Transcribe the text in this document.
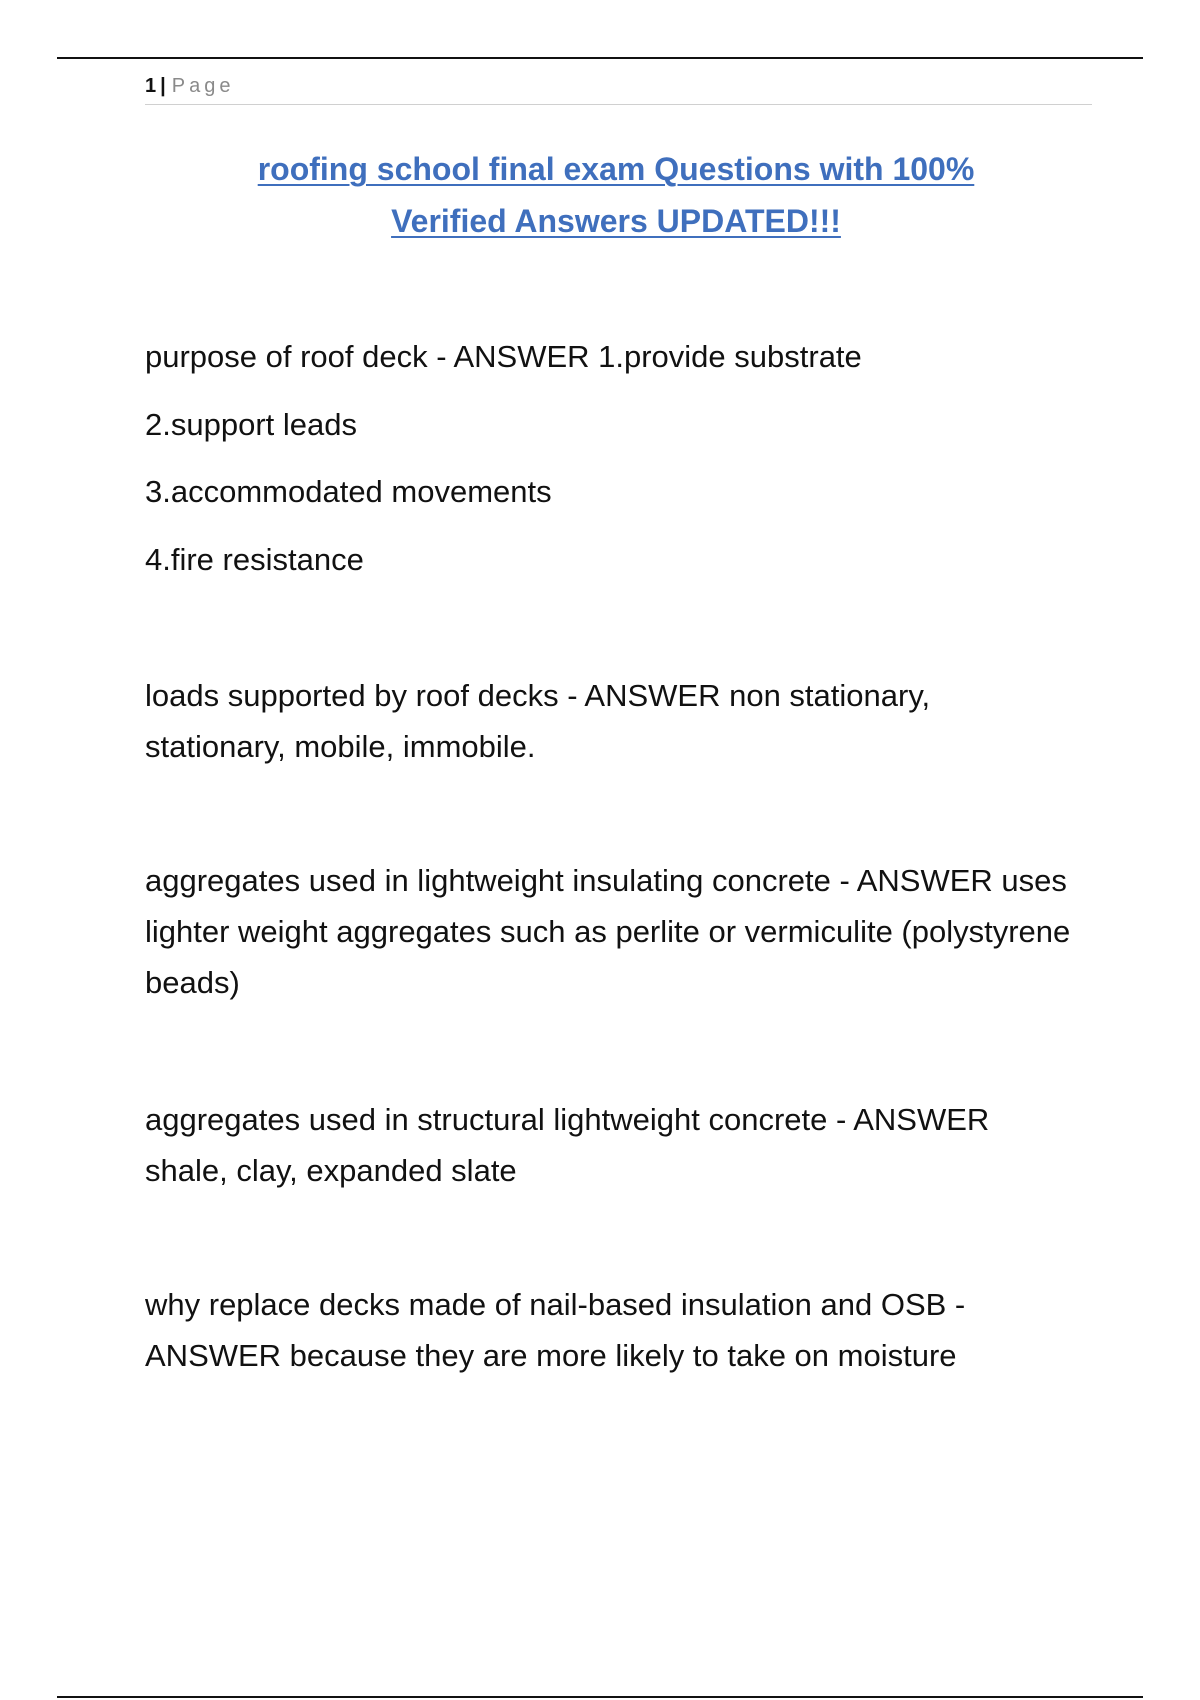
1 | Page
roofing school final exam Questions with 100%
Verified Answers UPDATED!!!

purpose of roof deck - ANSWER 1.provide substrate

2.support leads

3.accommodated movements

4.fire resistance

loads supported by roof decks - ANSWER non stationary, stationary, mobile, immobile.

aggregates used in lightweight insulating concrete - ANSWER uses lighter weight aggregates such as perlite or vermiculite (polystyrene beads)

aggregates used in structural lightweight concrete - ANSWER shale, clay, expanded slate

why replace decks made of nail-based insulation and OSB - ANSWER because they are more likely to take on moisture
